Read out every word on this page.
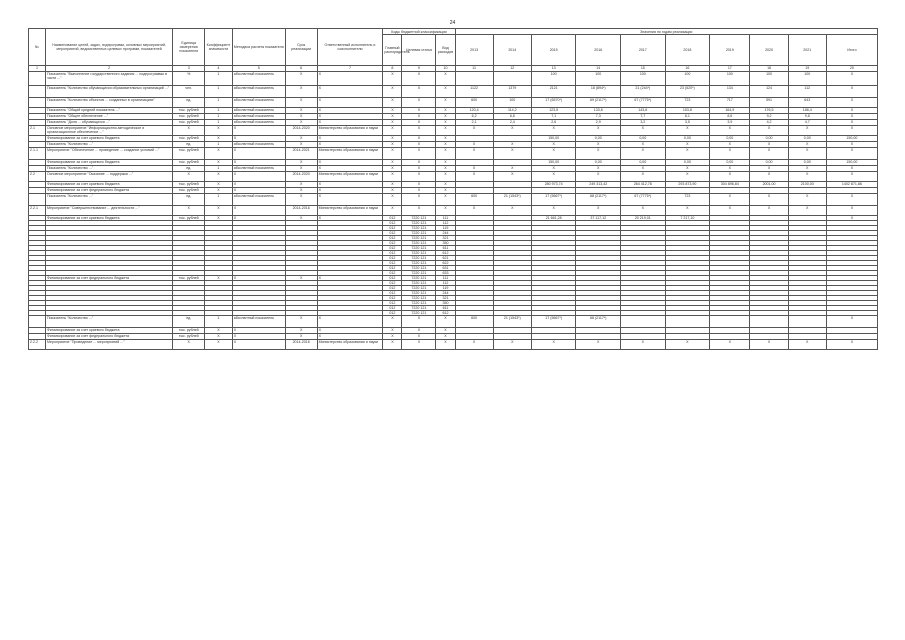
24
№	Наименование целей, задач, подпрограмм, основных мероприятий, мероприятий, ведомственных целевых программ, показателей	Единица измерения показателя	Коэффициент значимости	Методика расчета показателя	Срок реализации	Ответственный исполнитель и соисполнители	Коды бюджетной классификации			Значения по годам реализации									
							Главный распорядитель	Целевая статья	Вид расходов	2013	2014	2015	2016	2017	2018	2019	2020	2021	Итого
1	2	3	4	5	6	7	8	9	10	11	12	13	14	15	16	17	18	19	20
	Показатель "Выполнение государственного задания ... подпрограммы в части ..."	%	1	абсолютный показатель	X	X	X	X	X			100	100	100	100	100	100	100	X
	Показатель "Количество обучающихся образовательных организаций ..."	чел.	1	абсолютный показатель	X	X	X	X	X	1122	1379	2121	18 (894*)	21 (244*)	23 (520*)	134	124	112	X
	Показатель "Количество объектов ... созданных в организациях"	ед.	1	абсолютный показатель	X	X	X	X	X	600	100	17 (6570*)	69 (2117*)	67 (7775*)	723	717	591	643	X
	Показатель "Общий средний показатель ..."	тыс. рублей	1	абсолютный показатель	X	X	X	X	X	120,4	114,2	123,5	133,6	143,6	153,8	164,9	176,5	188,4	X
	Показатель "Общее обеспечение ..."	тыс. рублей	1	абсолютный показатель	X	X	X	X	X	6,2	6,8	7,1	7,3	7,7	8,1	8,6	9,2	9,8	X
	Показатель "Доля ... обучающихся ..."	тыс. рублей	1	абсолютный показатель	X	X	X	X	X	2,1	2,4	2,6	2,9	3,2	3,5	3,9	4,2	4,7	X
2.1	Основное мероприятие "Информационно-методическое и организационное обеспечение ..."	X	X	X	2014-2020	Министерство образования и науки	X	X	X	X	X	X	X	X	X	X	X	X	X
	Финансирование за счет краевого бюджета	тыс. рублей	X	X	X	X	X	X	X			150,00	0,00	0,00	0,00	0,00	0,00	0,00	150,00
	Показатель "Количество ..."	ед.	1	абсолютный показатель	X	X	X	X	X	X	X	X	X	X	X	X	X	X	X
2.1.1	Мероприятие "Обеспечение ... проведение ... создание условий ..."	тыс. рублей	X	X	2014-2021	Министерство образования и науки	X	X	X	X	X	X	X	X	X	X	X	X	X
	Финансирование за счет краевого бюджета	тыс. рублей	X	X	X	X	X	X	X			150,00	0,00	0,00	0,00	0,00	0,00	0,00	150,00
	Показатель "Количество ..."	ед.	1	абсолютный показатель	X	X	X	X	X	X	X	X	X	X	X	X	X	X	X
2.2	Основное мероприятие "Оказание ... поддержки ..."	X	X	X	2014-2020	Министерство образования и науки	X	X	X	X	X	X	X	X	X	X	X	X	X
	Финансирование за счет краевого бюджета	тыс. рублей	X	X	X	X	X	X	X			280 973,74	249 313,42	264 412,78	293 873,90	304 896,84	2001,00	2100,00	1402 871,86
	Финансирование за счет федерального бюджета	тыс. рублей	X	X	X	X	X	X	X										
	Показатель "Количество ..."	ед.	1	абсолютный показатель	X	X	X	X	X	600	21 (1543*)	17 (5667*)	68 (2117*)	67 (7775*)	723	X	X	X	X
2.2.1	Мероприятие "Совершенствование ... деятельности ..."	X	X	X	2014-2016	Министерство образования и науки	X	X	X	X	X	X	X	X	X	X	X	X	X
	Финансирование за счет краевого бюджета	тыс. рублей	X	X	X	X	012	7220 121	111			21 661,28	37 117,12	20 219,01	7 217,10				X
							012	7220 121	112										
							012	7220 121	119										
							012	7220 121	244										
							012	7220 121	321										
							012	7220 121	350										
							012	7220 121	611										
							012	7220 121	612										
							012	7220 121	621										
							012	7220 121	622										
							012	7220 121	631										
							012	7220 121	633										
	Финансирование за счет федерального бюджета	тыс. рублей	X	X	X	X	012	7220 121	111										
							012	7220 121	112										
							012	7220 121	119										
							012	7220 121	244										
							012	7220 121	321										
							012	7220 121	350										
							012	7220 121	611										
							012	7220 121	612										
	Показатель "Количество ..."	ед.	1	абсолютный показатель	X	X	X	X	X	600	21 (1543*)	17 (5667*)	68 (2117*)						X
	Финансирование за счет краевого бюджета	тыс. рублей	X	X	X	X	X	X	X										
	Финансирование за счет федерального бюджета	тыс. рублей	X	X	X	X	X	X	X										
2.2.2	Мероприятие "Проведение ... мероприятий ..."	X	X	X	2014-2016	Министерство образования и науки	X	X	X	X	X	X	X	X	X	X	X	X	X
